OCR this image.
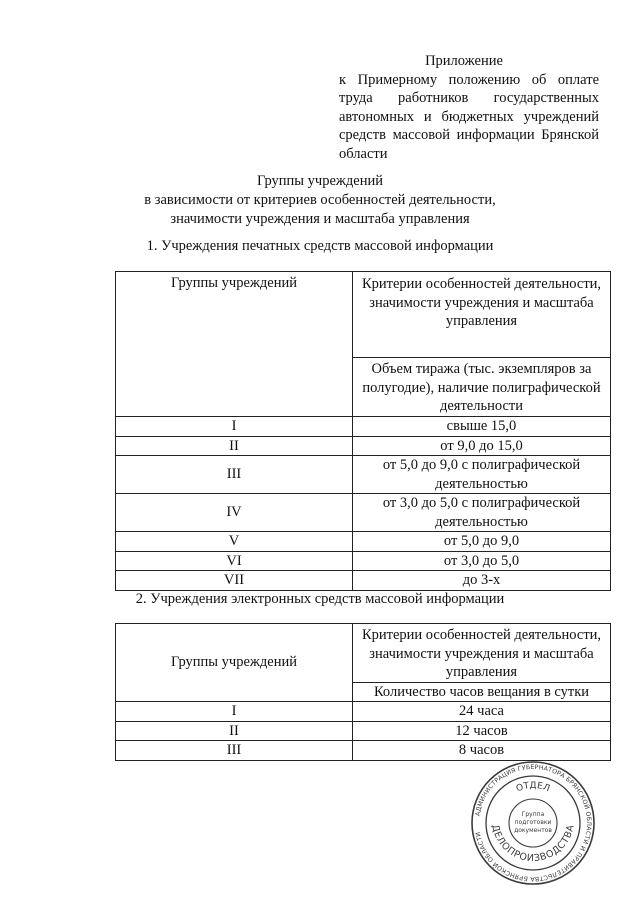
Приложение
к Примерному положению об оплате труда работников государственных автономных и бюджетных учреждений средств массовой информации Брянской области
Группы учреждений
в зависимости от критериев особенностей деятельности,
значимости учреждения и масштаба управления
1. Учреждения печатных средств массовой информации
Группы учреждений	Критерии особенностей деятельности, значимости учреждения и масштаба управления
	Объем тиража (тыс. экземпляров за полугодие), наличие полиграфической деятельности
I	свыше 15,0
II	от 9,0 до 15,0
III	от 5,0 до 9,0 с полиграфической деятельностью
IV	от 3,0 до 5,0 с полиграфической деятельностью
V	от 5,0 до 9,0
VI	от 3,0 до 5,0
VII	до 3-х
2. Учреждения электронных средств массовой информации
Группы учреждений	Критерии особенностей деятельности, значимости учреждения и масштаба управления
	Количество часов вещания в сутки
I	24 часа
II	12 часов
III	8 часов
АДМИНИСТРАЦИЯ ГУБЕРНАТОРА БРЯНСКОЙ ОБЛАСТИ И ПРАВИТЕЛЬСТВА БРЯНСКОЙ ОБЛАСТИ
ОТДЕЛ
ДЕЛОПРОИЗВОДСТВА
Группа
подготовки
документов
